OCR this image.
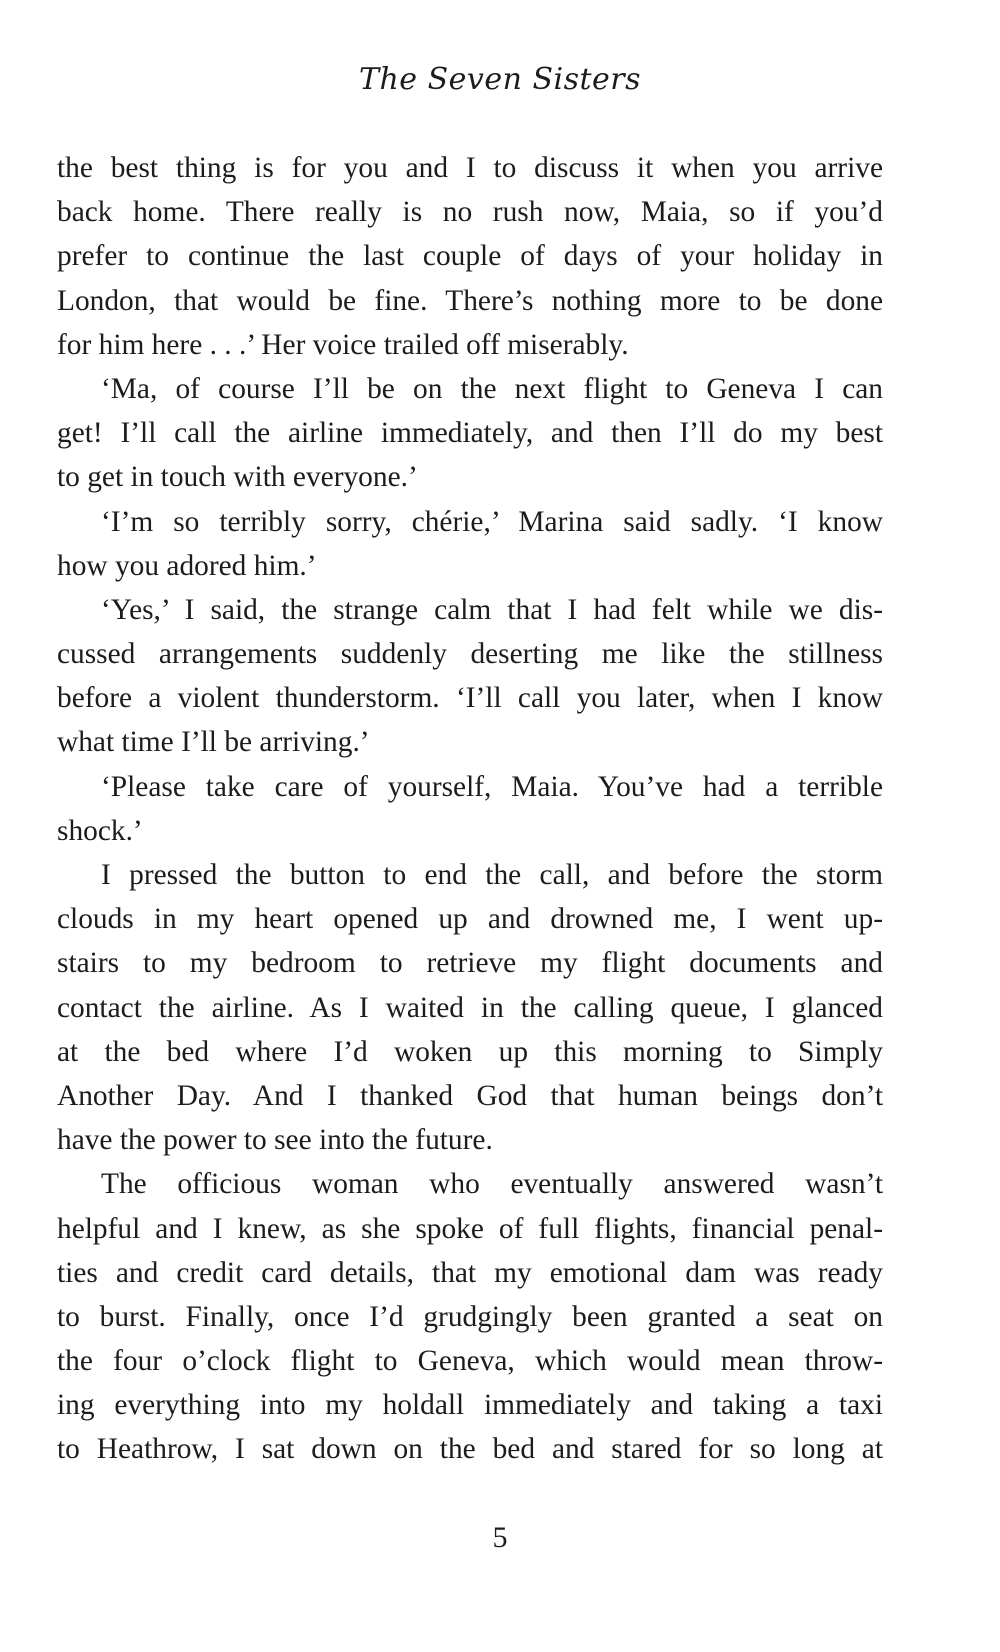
The Seven Sisters
the best thing is for you and I to discuss it when you arrive
back home. There really is no rush now, Maia, so if you’d
prefer to continue the last couple of days of your holiday in
London, that would be fine. There’s nothing more to be done
for him here . . .’ Her voice trailed off miserably.
‘Ma, of course I’ll be on the next flight to Geneva I can
get! I’ll call the airline immediately, and then I’ll do my best
to get in touch with everyone.’
‘I’m so terribly sorry, chérie,’ Marina said sadly. ‘I know
how you adored him.’
‘Yes,’ I said, the strange calm that I had felt while we dis-
cussed arrangements suddenly deserting me like the stillness
before a violent thunderstorm. ‘I’ll call you later, when I know
what time I’ll be arriving.’
‘Please take care of yourself, Maia. You’ve had a terrible
shock.’
I pressed the button to end the call, and before the storm
clouds in my heart opened up and drowned me, I went up-
stairs to my bedroom to retrieve my flight documents and
contact the airline. As I waited in the calling queue, I glanced
at the bed where I’d woken up this morning to Simply
Another Day. And I thanked God that human beings don’t
have the power to see into the future.
The officious woman who eventually answered wasn’t
helpful and I knew, as she spoke of full flights, financial penal-
ties and credit card details, that my emotional dam was ready
to burst. Finally, once I’d grudgingly been granted a seat on
the four o’clock flight to Geneva, which would mean throw-
ing everything into my holdall immediately and taking a taxi
to Heathrow, I sat down on the bed and stared for so long at
5
